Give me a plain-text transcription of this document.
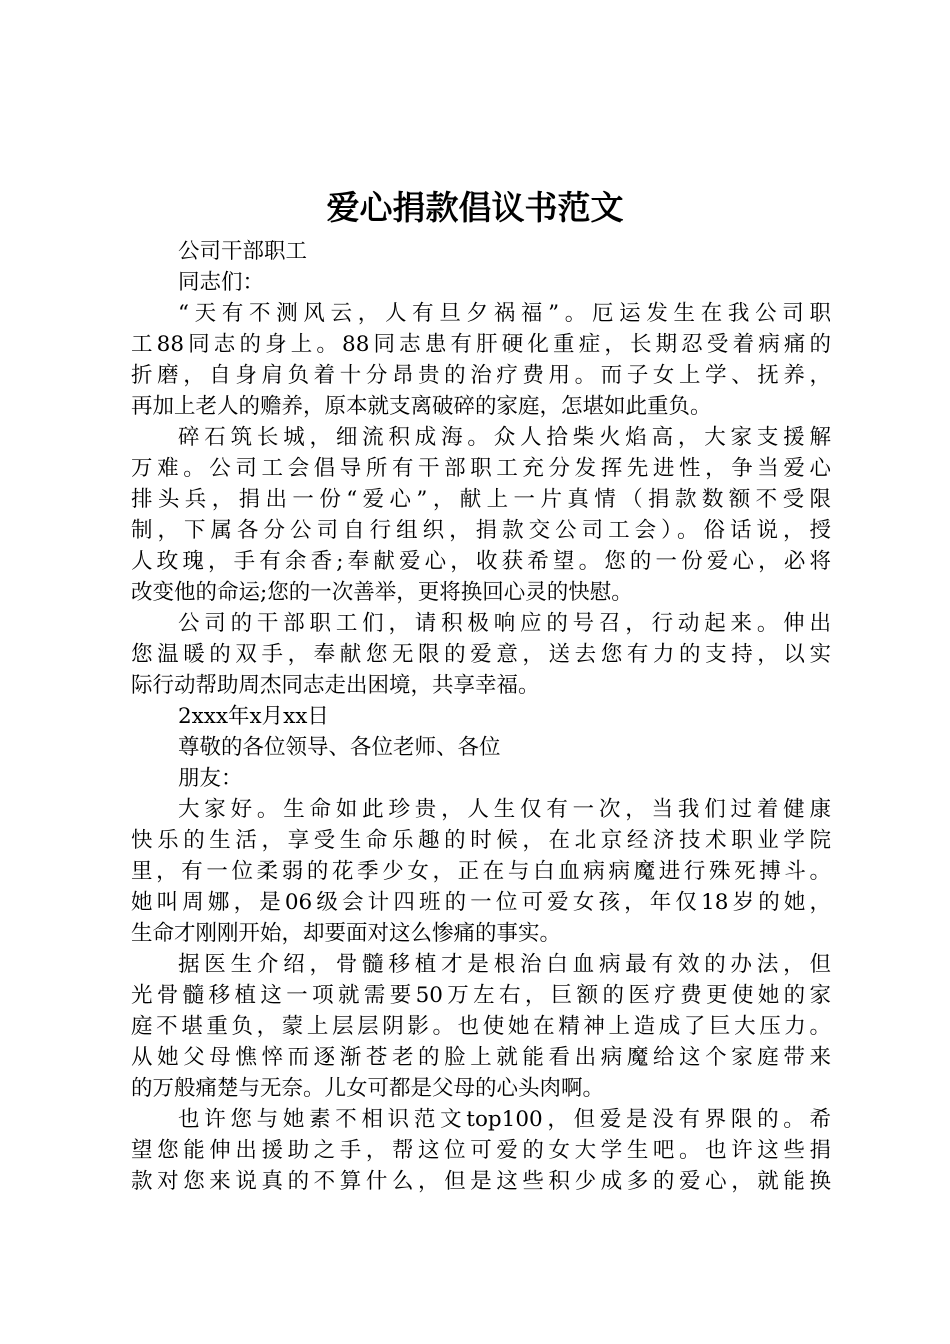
爱心捐款倡议书范文
公司干部职工
同志们：
“天有不测风云，人有旦夕祸福”。厄运发生在我公司职
工88同志的身上。88同志患有肝硬化重症，长期忍受着病痛的
折磨，自身肩负着十分昂贵的治疗费用。而子女上学、抚养，
再加上老人的赡养，原本就支离破碎的家庭，怎堪如此重负。
碎石筑长城，细流积成海。众人拾柴火焰高，大家支援解
万难。公司工会倡导所有干部职工充分发挥先进性，争当爱心
排头兵，捐出一份“爱心”，献上一片真情（捐款数额不受限
制，下属各分公司自行组织，捐款交公司工会）。俗话说，授
人玫瑰，手有余香;奉献爱心，收获希望。您的一份爱心，必将
改变他的命运;您的一次善举，更将换回心灵的快慰。
公司的干部职工们，请积极响应的号召，行动起来。伸出
您温暖的双手，奉献您无限的爱意，送去您有力的支持，以实
际行动帮助周杰同志走出困境，共享幸福。
2xxx年x月xx日
尊敬的各位领导、各位老师、各位
朋友：
大家好。生命如此珍贵，人生仅有一次，当我们过着健康
快乐的生活，享受生命乐趣的时候，在北京经济技术职业学院
里，有一位柔弱的花季少女，正在与白血病病魔进行殊死搏斗。
她叫周娜，是06级会计四班的一位可爱女孩，年仅18岁的她，
生命才刚刚开始，却要面对这么惨痛的事实。
据医生介绍，骨髓移植才是根治白血病最有效的办法，但
光骨髓移植这一项就需要50万左右，巨额的医疗费更使她的家
庭不堪重负，蒙上层层阴影。也使她在精神上造成了巨大压力。
从她父母憔悴而逐渐苍老的脸上就能看出病魔给这个家庭带来
的万般痛楚与无奈。儿女可都是父母的心头肉啊。
也许您与她素不相识范文top100，但爱是没有界限的。希
望您能伸出援助之手，帮这位可爱的女大学生吧。也许这些捐
款对您来说真的不算什么，但是这些积少成多的爱心，就能换
